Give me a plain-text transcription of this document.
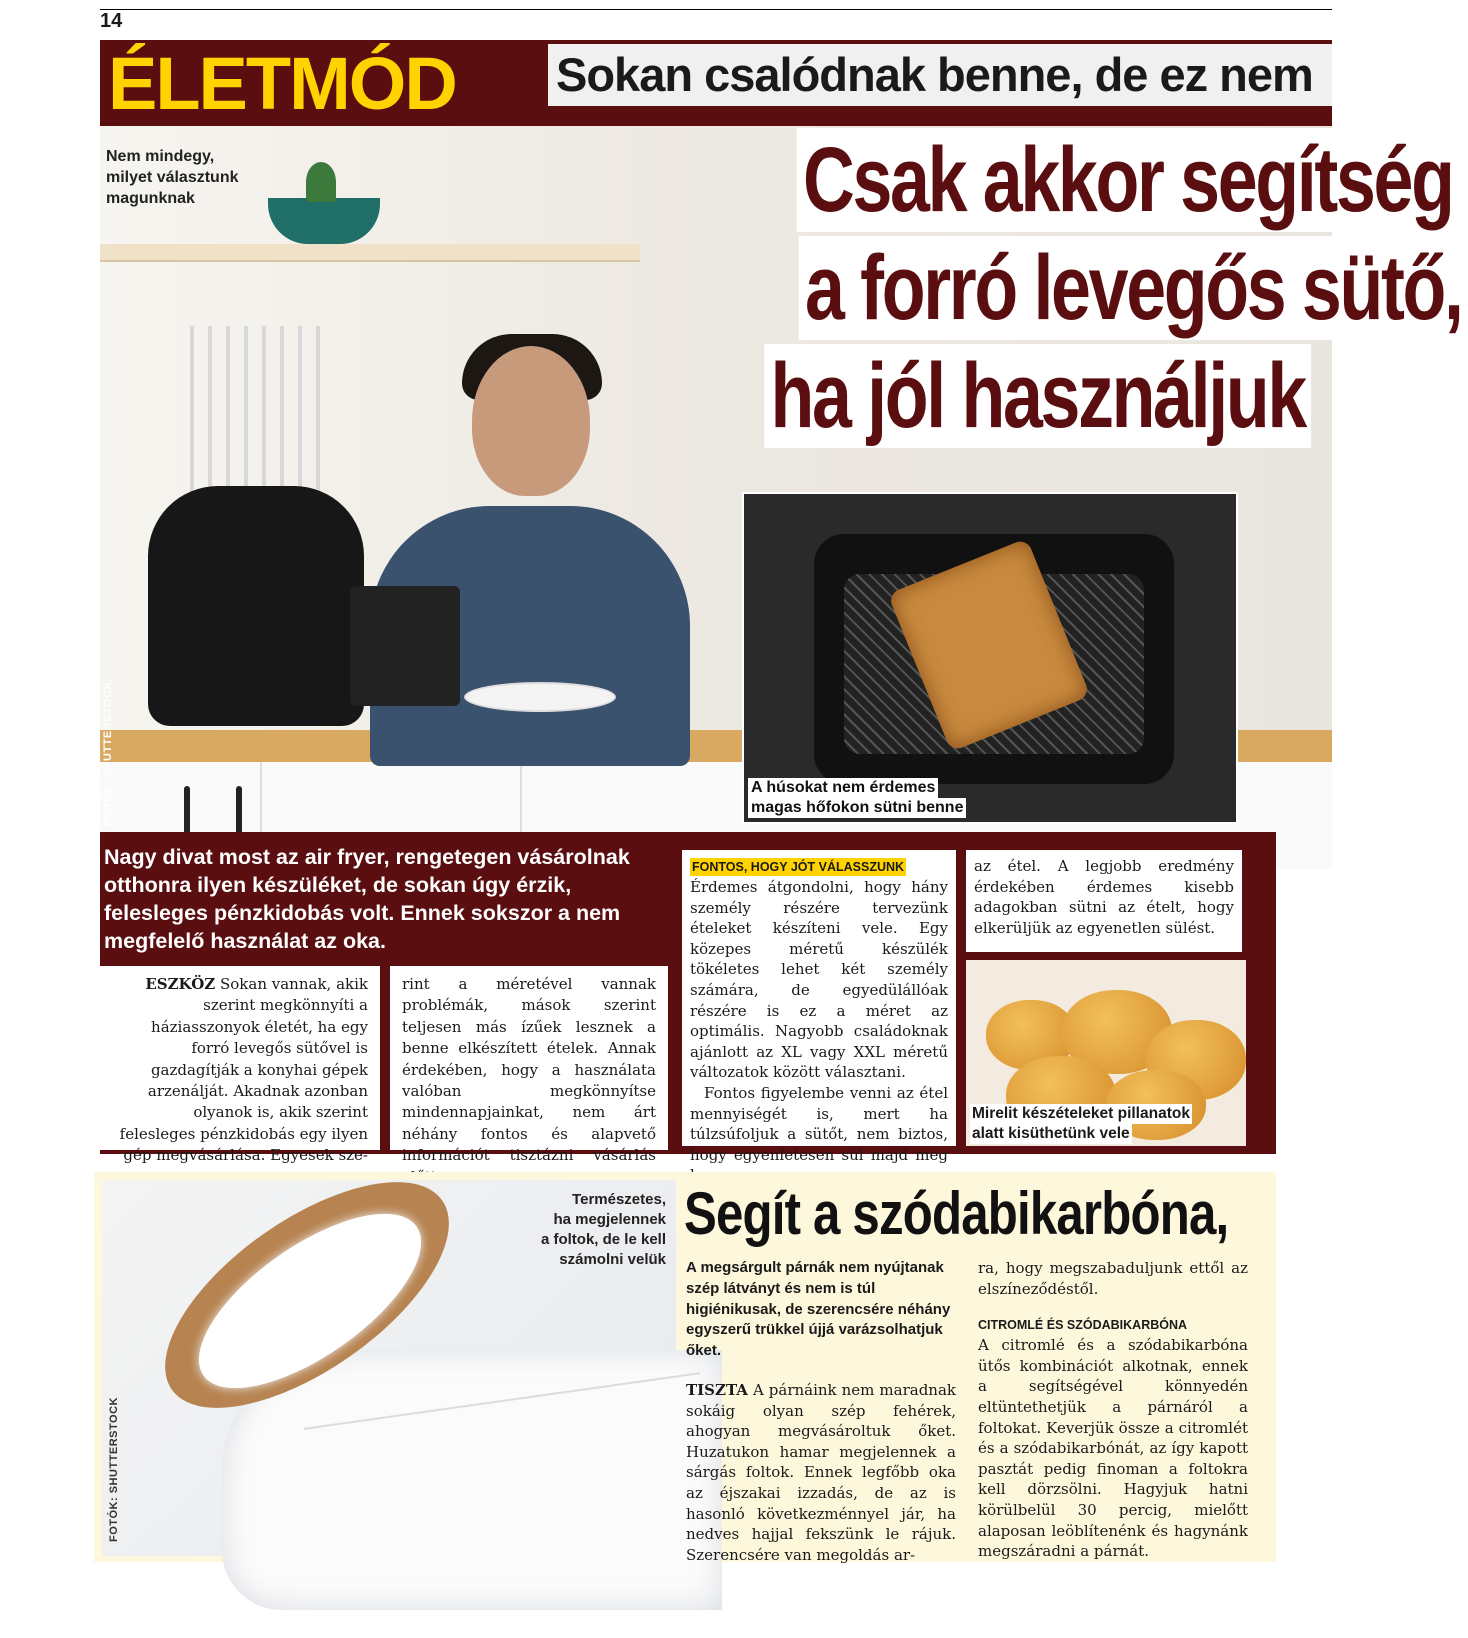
14
ÉLETMÓD Sokan csalódnak benne, de ez nem
Nem mindegy,
milyet választunk
magunknak
FOTÓK: SHUTTERSTOCK
Csak akkor segítség
a forró levegős sütő,
ha jól használjuk
A húsokat nem érdemes
magas hőfokon sütni benne
Nagy divat most az air fryer, rengetegen vásárolnak otthonra ilyen készüléket, de sokan úgy érzik, felesleges pénzkidobás volt. Ennek sokszor a nem megfelelő használat az oka.
ESZKÖZ Sokan vannak, akik szerint megkönnyíti a háziasszonyok életét, ha egy forró levegős sütővel is gazdagítják a konyhai gépek arzenálját. Akadnak azonban olyanok is, akik szerint felesleges pénzkidobás egy ilyen gép megvásárlása. Egyesek sze-
rint a méretével vannak problémák, mások szerint teljesen más ízűek lesznek a benne elkészített ételek. Annak érdekében, hogy a használata valóban megkönnyítse mindennapjainkat, nem árt néhány fontos és alapvető információt tisztázni vásárlás
FONTOS, HOGY JÓT VÁLASSZUNK

Érdemes átgondolni, hogy hány személy részére tervezünk ételeket készíteni vele. Egy közepes méretű készülék tökéletes lehet két személy számára, de egyedülállóak részére is ez a méret az optimális. Nagyobb családoknak ajánlott az XL vagy XXL méretű változatok között választani.

Fontos figyelembe venni az étel mennyiségét is, mert ha túlzsúfoljuk a sütőt, nem biztos, hogy egyenletesen sül majd meg

az étel. A legjobb eredmény érdekében érdemes kisebb adagokban sütni az ételt, hogy elkerüljük az egyenetlen sülést.
Mirelit készételeket pillanatok
alatt kisüthetünk vele
Természetes,
ha megjelennek
a foltok, de le kell
számolni velük
FOTÓK: SHUTTERSTOCK
Segít a szódabikarbóna,
A megsárgult párnák nem nyújtanak szép látványt és nem is túl higiénikusak, de szerencsére néhány egyszerű trükkel újjá varázsolhatjuk őket.
TISZTA A párnáink nem maradnak sokáig olyan szép fehérek, ahogyan megvásároltuk őket. Huzatukon hamar megjelennek a sárgás foltok. Ennek legfőbb oka az éjszakai izzadás, de az is hasonló következménnyel jár, ha nedves hajjal fekszünk le rájuk. Szerencsére van megoldás ar-
ra, hogy megszabaduljunk ettől az elszíneződéstől.
CITROMLÉ ÉS SZÓDABIKARBÓNA
A citromlé és a szódabikarbóna ütős kombinációt alkotnak, ennek a segítségével könnyedén eltüntethetjük a párnáról a foltokat. Keverjük össze a citromlét és a szódabikarbónát, az így kapott pasztát pedig finoman a foltokra kell dörzsölni. Hagyjuk hatni körülbelül 30 percig, mielőtt alaposan leöblítenénk és hagynánk megszáradni a párnát.
